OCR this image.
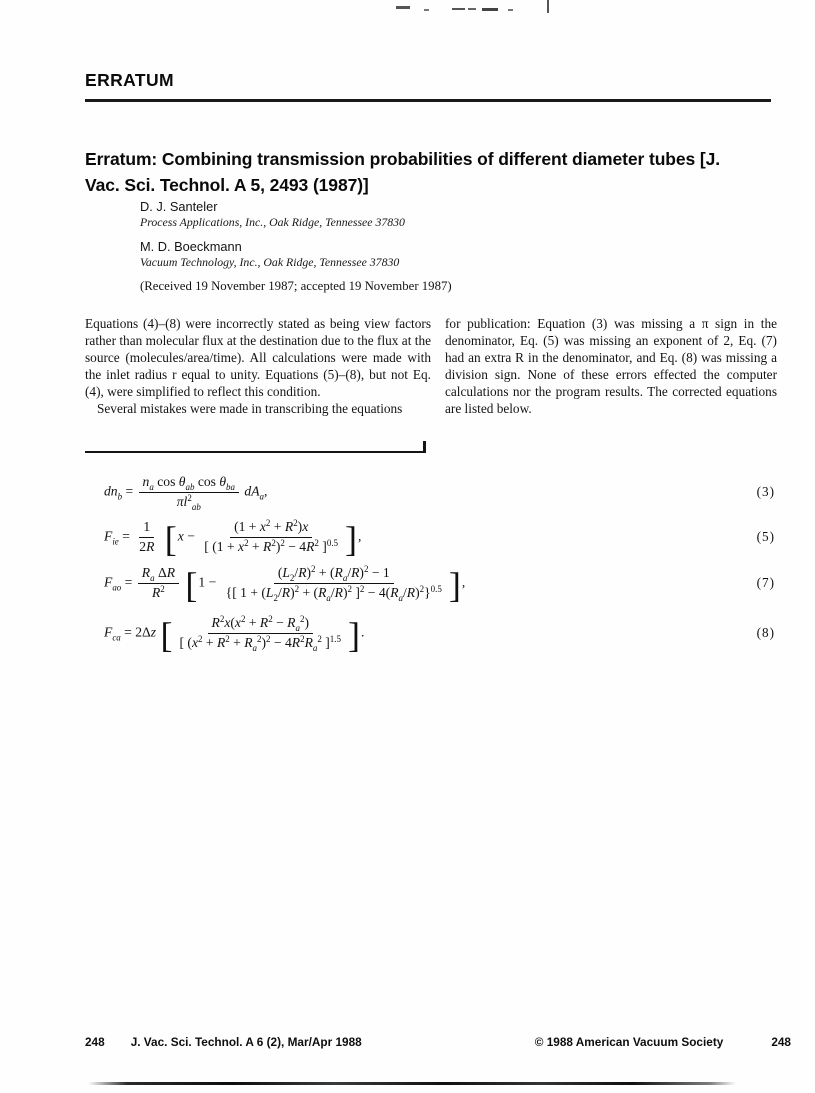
ERRATUM
Erratum: Combining transmission probabilities of different diameter tubes [J.
Vac. Sci. Technol. A 5, 2493 (1987)]
D. J. Santeler
Process Applications, Inc., Oak Ridge, Tennessee 37830
M. D. Boeckmann
Vacuum Technology, Inc., Oak Ridge, Tennessee 37830
(Received 19 November 1987; accepted 19 November 1987)

Equations (4)–(8) were incorrectly stated as being view factors rather than molecular flux at the destination due to the flux at the source (molecules/area/time). All calculations were made with the inlet radius r equal to unity. Equations (5)–(8), but not Eq. (4), were simplified to reflect this condition.

Several mistakes were made in transcribing the equations

for publication: Equation (3) was missing a π sign in the denominator, Eq. (5) was missing an exponent of 2, Eq. (7) had an extra R in the denominator, and Eq. (8) was missing a division sign. None of these errors effected the computer calculations nor the program results. The corrected equations are listed below.

$dn_b = \frac{n_a \cos \theta_{ab} \cos \theta_{ba}}{\pi l^2_{ab}} dA_a$,	(3)
$F_{ie} = \frac{1}{2R} [x - \frac{(1 + x^2 + R^2)x}{[ (1 + x^2 + R^2)^2 - 4R^2 ]^{0.5}}$ ],	(5)
$F_{ao} = \frac{R_a \Delta R}{R^2} [1 - \frac{(L_2/R)^2 + (R_a/R)^2 - 1}{\{[ 1 + (L_2/R)^2 + (R_a/R)^2 ]^2 - 4(R_a/R)^2\}^{0.5}}$ ],	(7)
$F_{ca} = 2\Delta z$ [ $\frac{R^2x(x^2 + R^2 - R_a^2)}{[ (x^2 + R^2 + R_a^2)^2 - 4R^2R_a^2 ]^{1.5}}$ ].	(8)
248 J. Vac. Sci. Technol. A 6 (2), Mar/Apr 1988	© 1988 American Vacuum Society	248
